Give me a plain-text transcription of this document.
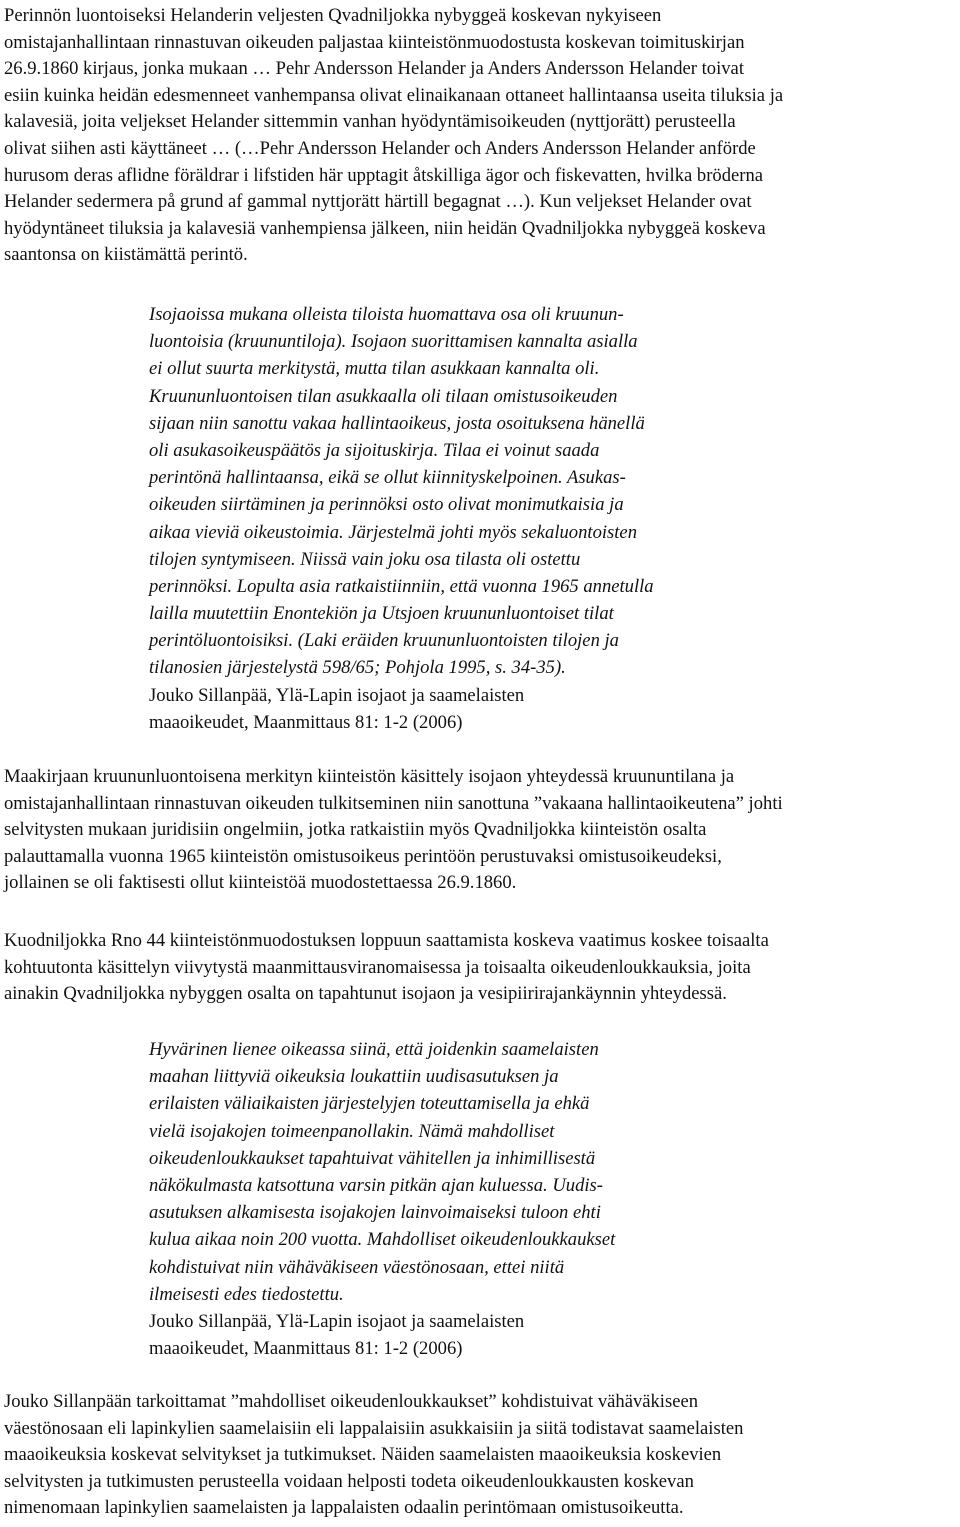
Perinnön luontoiseksi Helanderin veljesten Qvadniljokka nybyggeä koskevan nykyiseen
omistajanhallintaan rinnastuvan oikeuden paljastaa kiinteistönmuodostusta koskevan toimituskirjan
26.9.1860 kirjaus, jonka mukaan … Pehr Andersson Helander ja Anders Andersson Helander toivat
esiin kuinka heidän edesmenneet vanhempansa olivat elinaikanaan ottaneet hallintaansa useita tiluksia ja
kalavesiä, joita veljekset Helander sittemmin vanhan hyödyntämisoikeuden (nyttjorätt) perusteella
olivat siihen asti käyttäneet … (…Pehr Andersson Helander och Anders Andersson Helander anförde
hurusom deras aflidne föräldrar i lifstiden här upptagit åtskilliga ägor och fiskevatten, hvilka bröderna
Helander sedermera på grund af gammal nyttjorätt härtill begagnat …). Kun veljekset Helander ovat
hyödyntäneet tiluksia ja kalavesiä vanhempiensa jälkeen, niin heidän Qvadniljokka nybyggeä koskeva
saantonsa on kiistämättä perintö.
Isojaoissa mukana olleista tiloista huomattava osa oli kruunun-
luontoisia (kruununtiloja). Isojaon suorittamisen kannalta asialla
ei ollut suurta merkitystä, mutta tilan asukkaan kannalta oli.
Kruununluontoisen tilan asukkaalla oli tilaan omistusoikeuden
sijaan niin sanottu vakaa hallintaoikeus, josta osoituksena hänellä
oli asukasoikeuspäätös ja sijoituskirja. Tilaa ei voinut saada
perintönä hallintaansa, eikä se ollut kiinnityskelpoinen. Asukas-
oikeuden siirtäminen ja perinnöksi osto olivat monimutkaisia ja
aikaa vieviä oikeustoimia. Järjestelmä johti myös sekaluontoisten
tilojen syntymiseen. Niissä vain joku osa tilasta oli ostettu
perinnöksi. Lopulta asia ratkaistiinniin, että vuonna 1965 annetulla
lailla muutettiin Enontekiön ja Utsjoen kruununluontoiset tilat
perintöluontoisiksi. (Laki eräiden kruununluontoisten tilojen ja
tilanosien järjestelystä 598/65; Pohjola 1995, s. 34-35).
Jouko Sillanpää, Ylä-Lapin isojaot ja saamelaisten
maaoikeudet, Maanmittaus 81: 1-2 (2006)
Maakirjaan kruununluontoisena merkityn kiinteistön käsittely isojaon yhteydessä kruununtilana ja
omistajanhallintaan rinnastuvan oikeuden tulkitseminen niin sanottuna ”vakaana hallintaoikeutena” johti
selvitysten mukaan juridisiin ongelmiin, jotka ratkaistiin myös Qvadniljokka kiinteistön osalta
palauttamalla vuonna 1965 kiinteistön omistusoikeus perintöön perustuvaksi omistusoikeudeksi,
jollainen se oli faktisesti ollut kiinteistöä muodostettaessa 26.9.1860.
Kuodniljokka Rno 44 kiinteistönmuodostuksen loppuun saattamista koskeva vaatimus koskee toisaalta
kohtuutonta käsittelyn viivytystä maanmittausviranomaisessa ja toisaalta oikeudenloukkauksia, joita
ainakin Qvadniljokka nybyggen osalta on tapahtunut isojaon ja vesipiirirajankäynnin yhteydessä.
Hyvärinen lienee oikeassa siinä, että joidenkin saamelaisten
maahan liittyviä oikeuksia loukattiin uudisasutuksen ja
erilaisten väliaikaisten järjestelyjen toteuttamisella ja ehkä
vielä isojakojen toimeenpanollakin. Nämä mahdolliset
oikeudenloukkaukset tapahtuivat vähitellen ja inhimillisestä
näkökulmasta katsottuna varsin pitkän ajan kuluessa. Uudis-
asutuksen alkamisesta isojakojen lainvoimaiseksi tuloon ehti
kulua aikaa noin 200 vuotta. Mahdolliset oikeudenloukkaukset
kohdistuivat niin vähäväkiseen väestönosaan, ettei niitä
ilmeisesti edes tiedostettu.
Jouko Sillanpää, Ylä-Lapin isojaot ja saamelaisten
maaoikeudet, Maanmittaus 81: 1-2 (2006)
Jouko Sillanpään tarkoittamat ”mahdolliset oikeudenloukkaukset” kohdistuivat vähäväkiseen
väestönosaan eli lapinkylien saamelaisiin eli lappalaisiin asukkaisiin ja siitä todistavat saamelaisten
maaoikeuksia koskevat selvitykset ja tutkimukset. Näiden saamelaisten maaoikeuksia koskevien
selvitysten ja tutkimusten perusteella voidaan helposti todeta oikeudenloukkausten koskevan
nimenomaan lapinkylien saamelaisten ja lappalaisten odaalin perintömaan omistusoikeutta.
